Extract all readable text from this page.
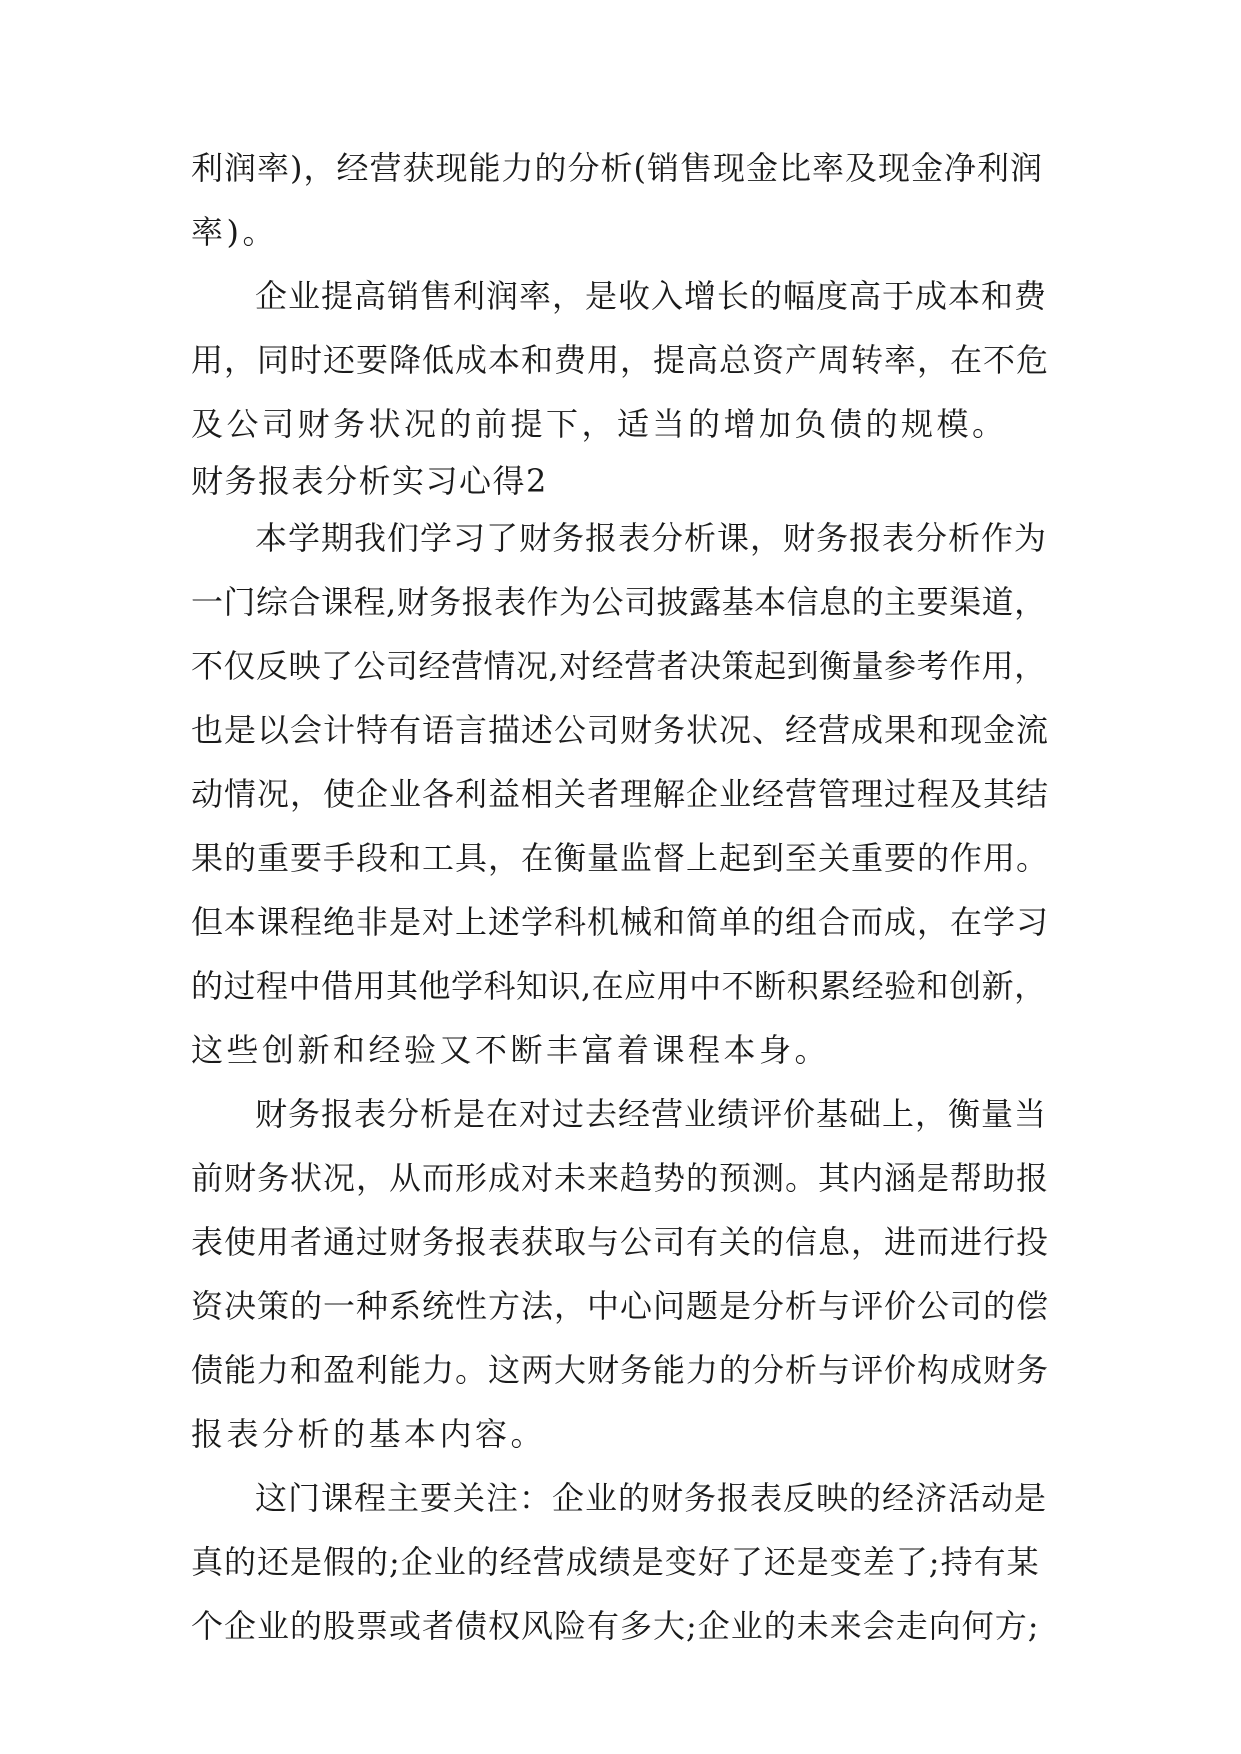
利润率)，经营获现能力的分析(销售现金比率及现金净利润
率)。
企业提高销售利润率，是收入增长的幅度高于成本和费
用，同时还要降低成本和费用，提高总资产周转率，在不危
及公司财务状况的前提下，适当的增加负债的规模。
财务报表分析实习心得2
本学期我们学习了财务报表分析课，财务报表分析作为
一门综合课程,财务报表作为公司披露基本信息的主要渠道，
不仅反映了公司经营情况,对经营者决策起到衡量参考作用，
也是以会计特有语言描述公司财务状况、经营成果和现金流
动情况，使企业各利益相关者理解企业经营管理过程及其结
果的重要手段和工具，在衡量监督上起到至关重要的作用。
但本课程绝非是对上述学科机械和简单的组合而成，在学习
的过程中借用其他学科知识,在应用中不断积累经验和创新，
这些创新和经验又不断丰富着课程本身。
财务报表分析是在对过去经营业绩评价基础上，衡量当
前财务状况，从而形成对未来趋势的预测。其内涵是帮助报
表使用者通过财务报表获取与公司有关的信息，进而进行投
资决策的一种系统性方法，中心问题是分析与评价公司的偿
债能力和盈利能力。这两大财务能力的分析与评价构成财务
报表分析的基本内容。
这门课程主要关注：企业的财务报表反映的经济活动是
真的还是假的;企业的经营成绩是变好了还是变差了;持有某
个企业的股票或者债权风险有多大;企业的未来会走向何方;
